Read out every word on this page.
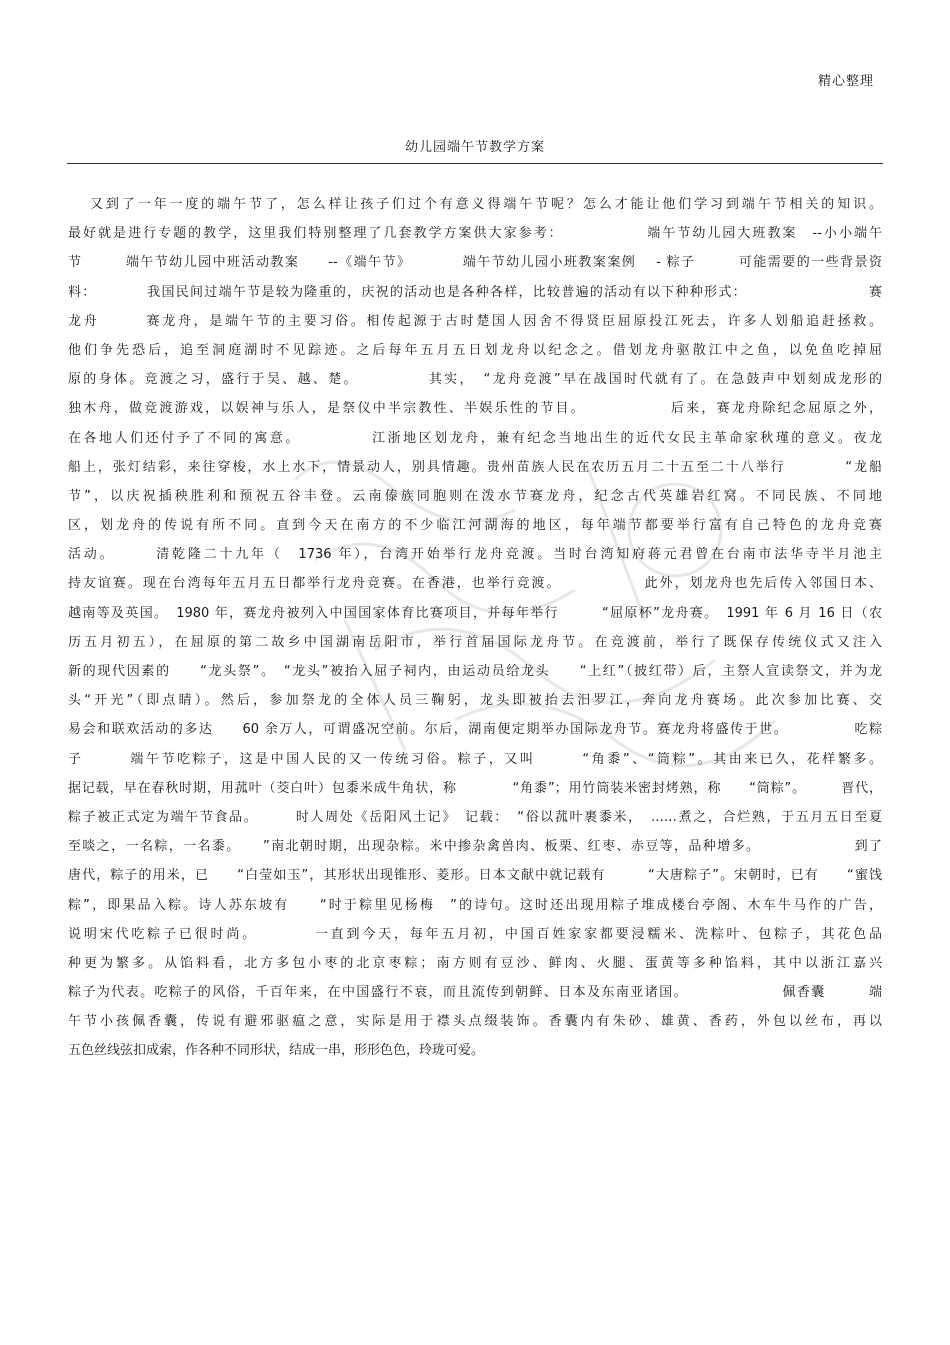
精心整理
幼儿园端午节教学方案
又到了一年一度的端午节了，怎么样让孩子们过个有意义得端午节呢？怎么才能让他们学习到端午节相关的知识。
最好就是进行专题的教学，这里我们特别整理了几套教学方案供大家参考：　　　　　　端午节幼儿园大班教案　--小小端午
节　　　端午节幼儿园中班活动教案　　--《端午节》　　　　端午节幼儿园小班教案案例　 - 粽子　　　可能需要的一些背景资
料：　　　　我国民间过端午节是较为隆重的，庆祝的活动也是各种各样，比较普遍的活动有以下种种形式：　　　　　　　　　赛
龙舟　　　赛龙舟，是端午节的主要习俗。相传起源于古时楚国人因舍不得贤臣屈原投江死去，许多人划船追赶拯救。
他们争先恐后，追至洞庭湖时不见踪迹。之后每年五月五日划龙舟以纪念之。借划龙舟驱散江中之鱼，以免鱼吃掉屈
原的身体。竞渡之习，盛行于吴、越、楚。　　　　　其实，　“龙舟竞渡”早在战国时代就有了。在急鼓声中划刻成龙形的
独木舟，做竞渡游戏，以娱神与乐人，是祭仪中半宗教性、半娱乐性的节目。　　　　　　后来，赛龙舟除纪念屈原之外，
在各地人们还付予了不同的寓意。　　　　　江浙地区划龙舟，兼有纪念当地出生的近代女民主革命家秋瑾的意义。夜龙
船上，张灯结彩，来往穿梭，水上水下，情景动人，别具情趣。贵州苗族人民在农历五月二十五至二十八举行　　　　“龙船
节”，以庆祝插秧胜利和预祝五谷丰登。云南傣族同胞则在泼水节赛龙舟，纪念古代英雄岩红窝。不同民族、不同地
区，划龙舟的传说有所不同。直到今天在南方的不少临江河湖海的地区，每年端节都要举行富有自己特色的龙舟竞赛
活动。　　　清乾隆二十九年（　1736 年），台湾开始举行龙舟竞渡。当时台湾知府蒋元君曾在台南市法华寺半月池主
持友谊赛。现在台湾每年五月五日都举行龙舟竞赛。在香港，也举行竞渡。　　　　　　此外，划龙舟也先后传入邻国日本、
越南等及英国。　1980 年，赛龙舟被列入中国国家体育比赛项目，并每年举行　　　“屈原杯”龙舟赛。　1991 年 6 月 16 日（农
历五月初五），在屈原的第二故乡中国湖南岳阳市，举行首届国际龙舟节。在竞渡前，举行了既保存传统仪式又注入
新的现代因素的　　“龙头祭”。　“龙头”被抬入屈子祠内，由运动员给龙头　　“上红”（披红带）后，主祭人宣读祭文，并为龙
头“开光”（即点睛）。然后，参加祭龙的全体人员三鞠躬，龙头即被抬去汨罗江，奔向龙舟赛场。此次参加比赛、交
易会和联欢活动的多达　　60 余万人，可谓盛况空前。尔后，湖南便定期举办国际龙舟节。赛龙舟将盛传于世。　　　　　吃粽
子　　　端午节吃粽子，这是中国人民的又一传统习俗。粽子，又叫　　　“角黍”、“筒粽”。其由来已久，花样繁多。
据记载，早在春秋时期，用菰叶（茭白叶）包黍米成牛角状，称　　　　“角黍”；用竹筒装米密封烤熟，称　　“筒粽”。　　　晋代，
粽子被正式定为端午节食品。　　　时人周处《岳阳风土记》　记载：　“俗以菰叶裹黍米，　……煮之，合烂熟，于五月五日至夏
至啖之，一名粽，一名黍。　　”南北朝时期，出现杂粽。米中掺杂禽兽肉、板栗、红枣、赤豆等，品种增多。　　　　　　　到了
唐代，粽子的用米，已　　“白莹如玉”，其形状出现锥形、菱形。日本文献中就记载有　　　“大唐粽子”。宋朝时，已有　　“蜜饯
粽”，即果品入粽。诗人苏东坡有　　“时于粽里见杨梅　”的诗句。这时还出现用粽子堆成楼台亭阁、木车牛马作的广告，
说明宋代吃粽子已很时尚。　　　　一直到今天，每年五月初，中国百姓家家都要浸糯米、洗粽叶、包粽子，其花色品
种更为繁多。从馅料看，北方多包小枣的北京枣粽；南方则有豆沙、鲜肉、火腿、蛋黄等多种馅料，其中以浙江嘉兴
粽子为代表。吃粽子的风俗，千百年来，在中国盛行不衰，而且流传到朝鲜、日本及东南亚诸国。　　　　　　　佩香囊　　　端
午节小孩佩香囊，传说有避邪驱瘟之意，实际是用于襟头点缀装饰。香囊内有朱砂、雄黄、香药，外包以丝布，再以
五色丝线弦扣成索，作各种不同形状，结成一串，形形色色，玲珑可爱。
